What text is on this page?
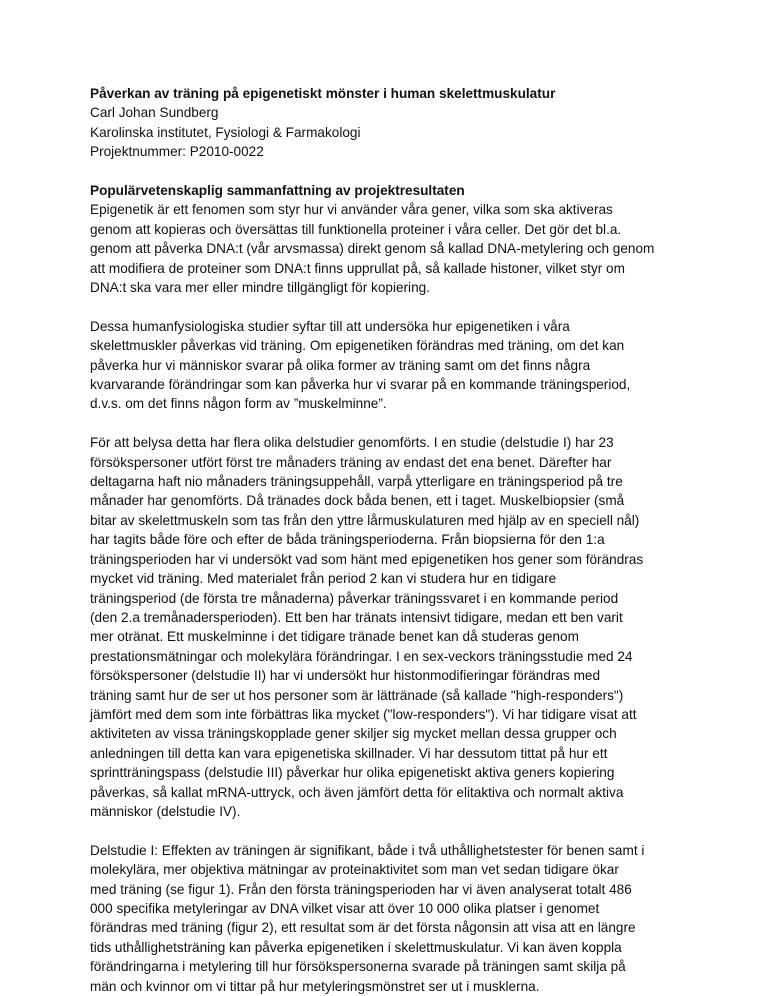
Påverkan av träning på epigenetiskt mönster i human skelettmuskulatur
Carl Johan Sundberg
Karolinska institutet, Fysiologi & Farmakologi
Projektnummer: P2010-0022
Populärvetenskaplig sammanfattning av projektresultaten
Epigenetik är ett fenomen som styr hur vi använder våra gener, vilka som ska aktiveras
genom att kopieras och översättas till funktionella proteiner i våra celler. Det gör det bl.a.
genom att påverka DNA:t (vår arvsmassa) direkt genom så kallad DNA-metylering och genom
att modifiera de proteiner som DNA:t finns upprullat på, så kallade histoner, vilket styr om
DNA:t ska vara mer eller mindre tillgängligt för kopiering.
Dessa humanfysiologiska studier syftar till att undersöka hur epigenetiken i våra
skelettmuskler påverkas vid träning. Om epigenetiken förändras med träning, om det kan
påverka hur vi människor svarar på olika former av träning samt om det finns några
kvarvarande förändringar som kan påverka hur vi svarar på en kommande träningsperiod,
d.v.s. om det finns någon form av ”muskelminne”.
För att belysa detta har flera olika delstudier genomförts. I en studie (delstudie I) har 23
försökspersoner utfört först tre månaders träning av endast det ena benet. Därefter har
deltagarna haft nio månaders träningsuppehåll, varpå ytterligare en träningsperiod på tre
månader har genomförts. Då tränades dock båda benen, ett i taget. Muskelbiopsier (små
bitar av skelettmuskeln som tas från den yttre lårmuskulaturen med hjälp av en speciell nål)
har tagits både före och efter de båda träningsperioderna. Från biopsierna för den 1:a
träningsperioden har vi undersökt vad som hänt med epigenetiken hos gener som förändras
mycket vid träning. Med materialet från period 2 kan vi studera hur en tidigare
träningsperiod (de första tre månaderna) påverkar träningssvaret i en kommande period
(den 2.a tremånadersperioden). Ett ben har tränats intensivt tidigare, medan ett ben varit
mer otränat. Ett muskelminne i det tidigare tränade benet kan då studeras genom
prestationsmätningar och molekylära förändringar. I en sex-veckors träningsstudie med 24
försökspersoner (delstudie II) har vi undersökt hur histonmodifieringar förändras med
träning samt hur de ser ut hos personer som är lättränade (så kallade "high-responders")
jämfört med dem som inte förbättras lika mycket ("low-responders"). Vi har tidigare visat att
aktiviteten av vissa träningskopplade gener skiljer sig mycket mellan dessa grupper och
anledningen till detta kan vara epigenetiska skillnader. Vi har dessutom tittat på hur ett
sprintträningspass (delstudie III) påverkar hur olika epigenetiskt aktiva geners kopiering
påverkas, så kallat mRNA-uttryck, och även jämfört detta för elitaktiva och normalt aktiva
människor (delstudie IV).
Delstudie I: Effekten av träningen är signifikant, både i två uthållighetstester för benen samt i
molekylära, mer objektiva mätningar av proteinaktivitet som man vet sedan tidigare ökar
med träning (se figur 1). Från den första träningsperioden har vi även analyserat totalt 486
000 specifika metyleringar av DNA vilket visar att över 10 000 olika platser i genomet
förändras med träning (figur 2), ett resultat som är det första någonsin att visa att en längre
tids uthållighetsträning kan påverka epigenetiken i skelettmuskulatur. Vi kan även koppla
förändringarna i metylering till hur försökspersonerna svarade på träningen samt skilja på
män och kvinnor om vi tittar på hur metyleringsmönstret ser ut i musklerna.
